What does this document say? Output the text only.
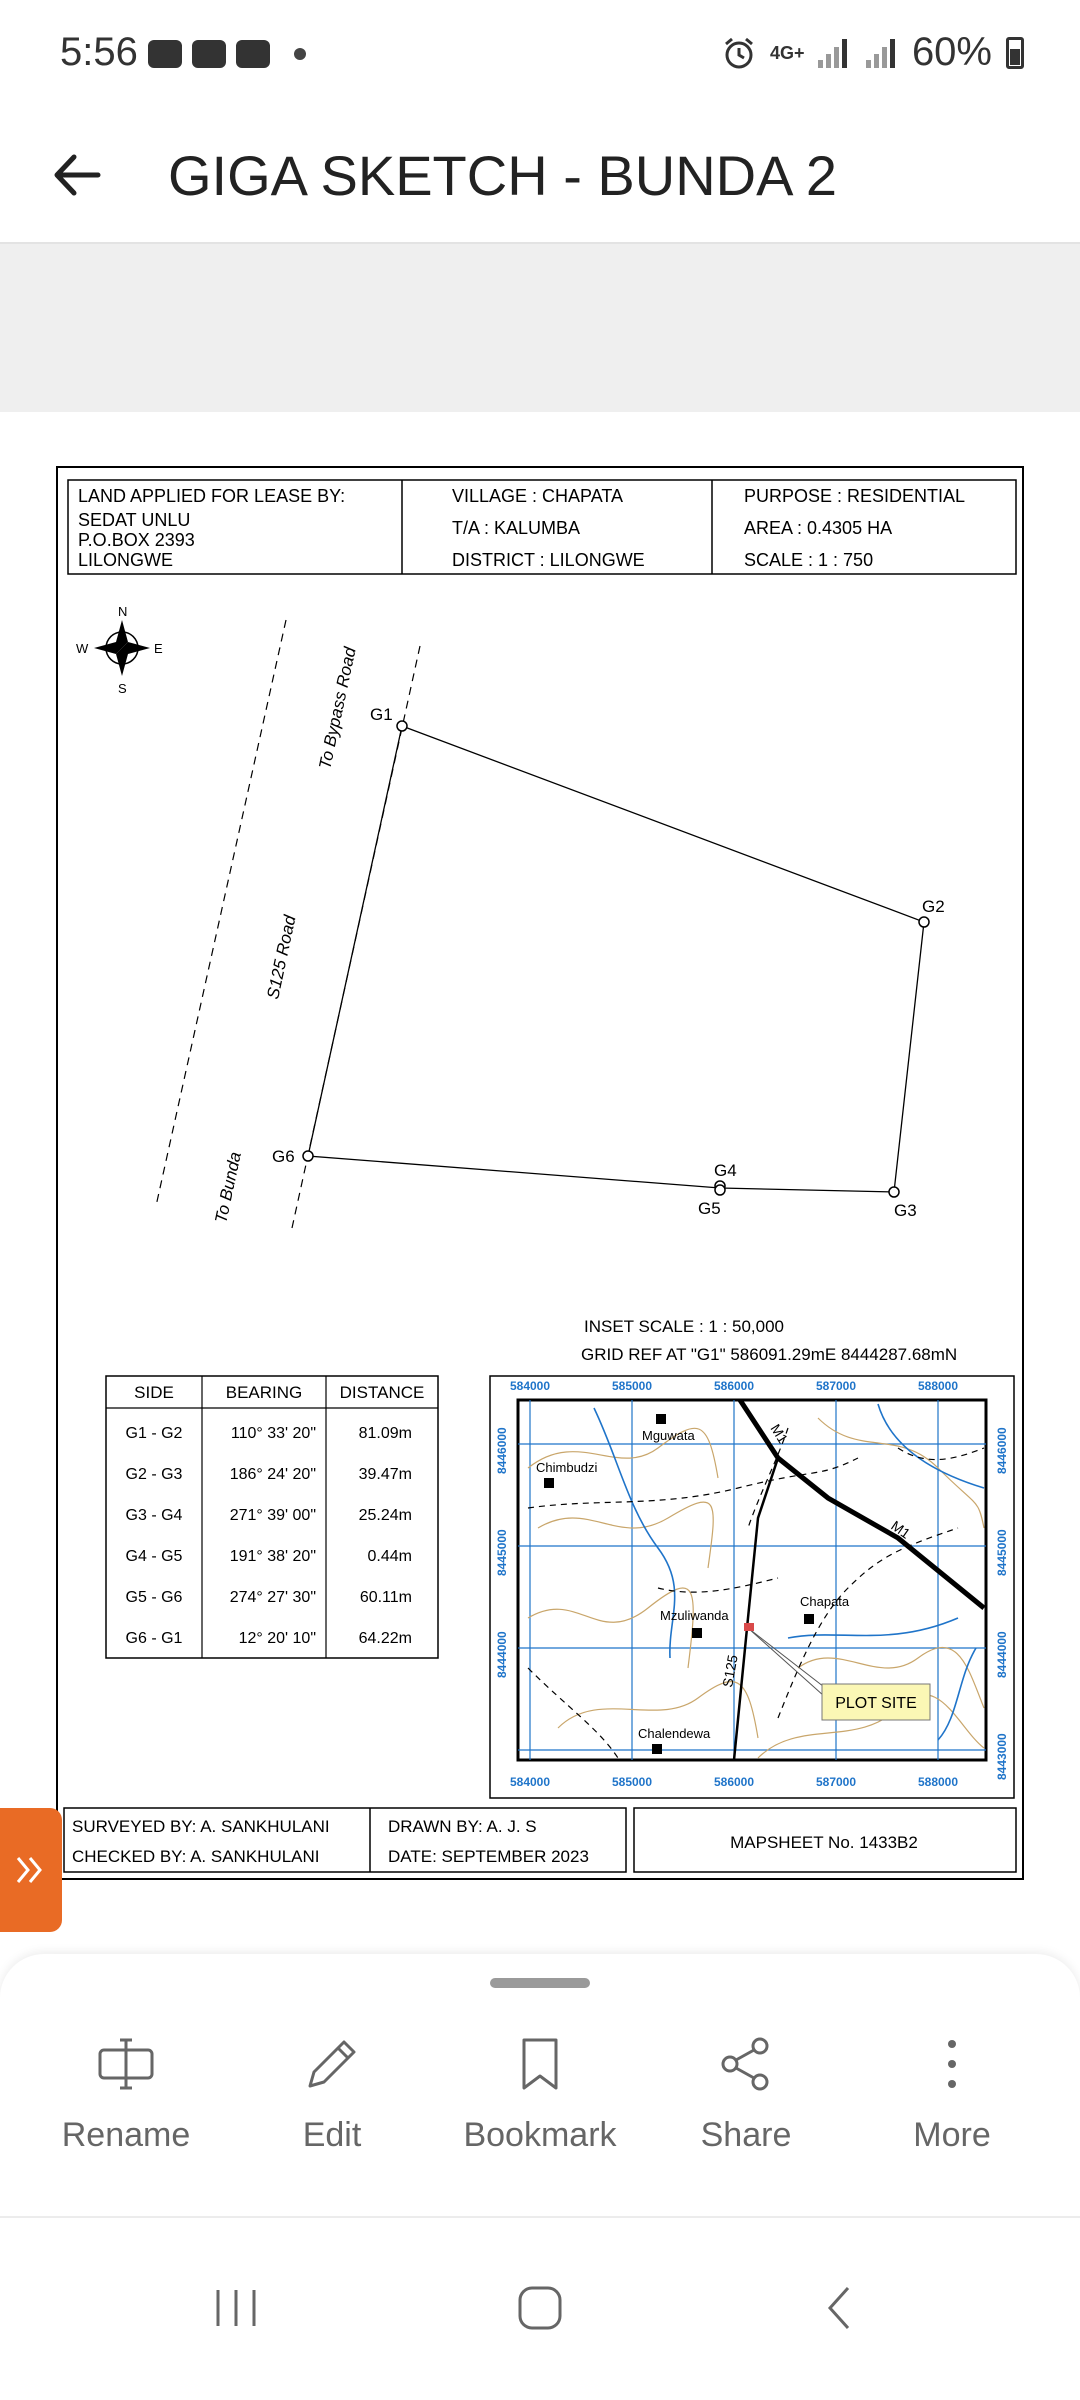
5:56	4G+	60%
GIGA SKETCH - BUNDA 2
LAND APPLIED FOR LEASE BY:
SEDAT UNLU
P.O.BOX 2393
LILONGWE
VILLAGE : CHAPATA
T/A : KALUMBA
DISTRICT : LILONGWE
PURPOSE : RESIDENTIAL
AREA : 0.4305 HA
SCALE : 1 : 750
N
S
E
W	To Bypass Road
S125 Road
To Bunda
G1
G2
G3
G4
G5
G6
INSET SCALE : 1 : 50,000
GRID REF AT "G1" 586091.29mE 8444287.68mN
SIDE	BEARING DISTANCE
G1 - G2	110° 33' 20"	81.09m
G2 - G3	186° 24' 20"	39.47m
G3 - G4	271° 39' 00"	25.24m
G4 - G5	191° 38' 20"	0.44m
G5 - G6	274° 27' 30"	60.11m
G6 - G1	12° 20' 10"	64.22m
M1
M1
S125
Mguwata
Chimbudzi
Mzuliwanda
Chapata
Chalendewa
PLOT SITE
584000	585000	586000	587000	588000
584000	585000	586000	587000	588000
8446000
8445000
8444000
8446000
8445000
8444000
8443000
SURVEYED BY: A. SANKHULANI
CHECKED BY: A. SANKHULANI
DRAWN BY: A. J. S
DATE: SEPTEMBER 2023
MAPSHEET No. 1433B2
Rename	Edit	Bookmark	Share	More
